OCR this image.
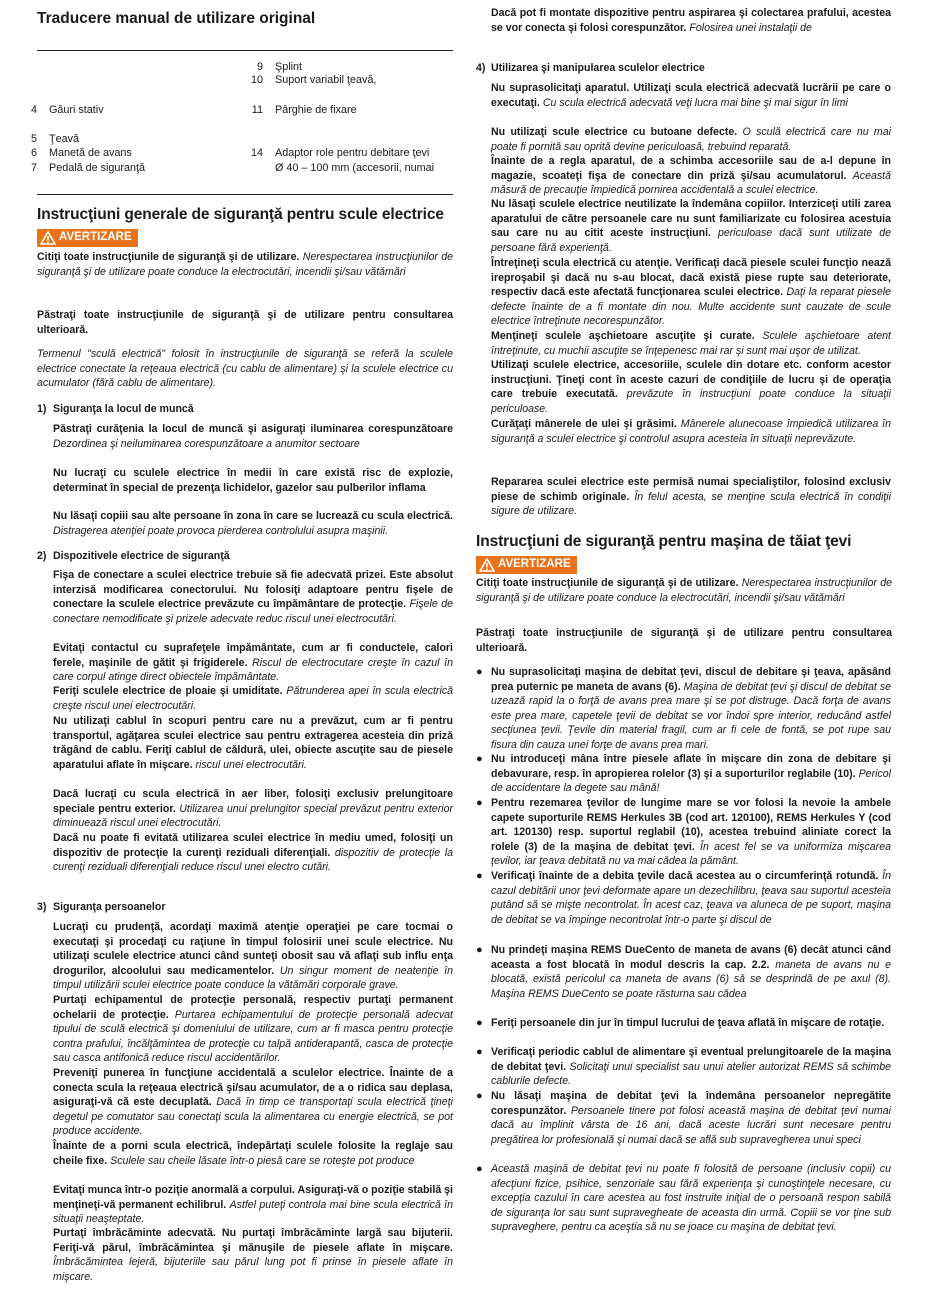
Traducere manual de utilizare original
9 Şplint
10 Suport variabil ţeavă,
4 Găuri stativ	11 Pârghie de fixare
5 Ţeavă
6 Manetă de avans	14 Adaptor role pentru debitare ţevi
7 Pedală de siguranţă	Ø 40 – 100 mm (accesorii, numai
Instrucţiuni generale de siguranţă pentru scule electrice
AVERTIZARE
Citiţi toate instrucţiunile de siguranţă şi de utilizare. Nerespectarea instrucţiunilor de siguranţă şi de utilizare poate conduce la electrocutări, incendii şi/sau vătămări
Păstraţi toate instrucţiunile de siguranţă şi de utilizare pentru consultarea ulterioară.
Termenul "sculă electrică" folosit în instrucţiunile de siguranţă se referă la sculele electrice conectate la reţeaua electrică (cu cablu de alimentare) şi la sculele electrice cu acumulator (fără cablu de alimentare).
1) Siguranţa la locul de muncă
Păstraţi curăţenia la locul de muncă şi asiguraţi iluminarea corespunzătoare Dezordinea şi neiluminarea corespunzătoare a anumitor sectoare
Nu lucraţi cu sculele electrice în medii în care există risc de explozie, determinat în special de prezenţa lichidelor, gazelor sau pulberilor inflama
Nu lăsaţi copiii sau alte persoane în zona în care se lucrează cu scula electrică. Distragerea atenţiei poate provoca pierderea controlului asupra maşinii.
2) Dispozitivele electrice de siguranţă
Fişa de conectare a sculei electrice trebuie să fie adecvată prizei. Este absolut interzisă modificarea conectorului. Nu folosiţi adaptoare pentru fişele de conectare la sculele electrice prevăzute cu împământare de protecţie. Fişele de conectare nemodificate şi prizele adecvate reduc riscul unei electrocutări.
Evitaţi contactul cu suprafeţele împământate, cum ar fi conductele, calori ferele, maşinile de gătit şi frigiderele. Riscul de electrocutare creşte în cazul în care corpul atinge direct obiectele împământate.
Feriţi sculele electrice de ploaie şi umiditate. Pătrunderea apei în scula electrică creşte riscul unei electrocutări.
Nu utilizaţi cablul în scopuri pentru care nu a prevăzut, cum ar fi pentru transportul, agăţarea sculei electrice sau pentru extragerea acesteia din priză trăgând de cablu. Feriţi cablul de căldură, ulei, obiecte ascuţite sau de piesele aparatului aflate în mişcare. riscul unei electrocutări.
Dacă lucraţi cu scula electrică în aer liber, folosiţi exclusiv prelungitoare speciale pentru exterior. Utilizarea unui prelungitor special prevăzut pentru exterior diminuează riscul unei electrocutări.
Dacă nu poate fi evitată utilizarea sculei electrice în mediu umed, folosiţi un dispozitiv de protecţie la curenţi reziduali diferenţiali. dispozitiv de protecţie la curenţi reziduali diferenţiali reduce riscul unei electro cutări.
3) Siguranţa persoanelor
Lucraţi cu prudenţă, acordaţi maximă atenţie operaţiei pe care tocmai o executaţi şi procedaţi cu raţiune în timpul folosirii unei scule electrice. Nu utilizaţi sculele electrice atunci când sunteţi obosit sau vă aflaţi sub influ enţa drogurilor, alcoolului sau medicamentelor. Un singur moment de neatenţie în timpul utilizării sculei electrice poate conduce la vătămări corporale grave.
Purtaţi echipamentul de protecţie personală, respectiv purtaţi permanent ochelarii de protecţie. Purtarea echipamentului de protecţie personală adecvat tipului de sculă electrică şi domeniului de utilizare, cum ar fi masca pentru protecţie contra prafului, încălţămintea de protecţie cu talpă antiderapantă, casca de protecţie sau casca antifonică reduce riscul accidentărilor.
Preveniţi punerea în funcţiune accidentală a sculelor electrice. Înainte de a conecta scula la reţeaua electrică şi/sau acumulator, de a o ridica sau deplasa, asiguraţi-vă că este decuplată. Dacă în timp ce transportaţi scula electrică ţineţi degetul pe comutator sau conectaţi scula la alimentarea cu energie electrică, se pot produce accidente.
Înainte de a porni scula electrică, îndepărtaţi sculele folosite la reglaje sau cheile fixe. Sculele sau cheile lăsate într-o piesă care se roteşte pot produce
Evitaţi munca într-o poziţie anormală a corpului. Asiguraţi-vă o poziţie stabilă şi menţineţi-vă permanent echilibrul. Astfel puteţi controla mai bine scula electrică în situaţii neaşteptate.
Purtaţi îmbrăcăminte adecvată. Nu purtaţi îmbrăcăminte largă sau bijuterii. Feriţi-vă părul, îmbrăcămintea şi mănuşile de piesele aflate în mişcare. Îmbrăcămintea lejeră, bijuteriile sau părul lung pot fi prinse în piesele aflate în mişcare.
Dacă pot fi montate dispozitive pentru aspirarea şi colectarea prafului, acestea se vor conecta şi folosi corespunzător. Folosirea unei instalaţii de
4) Utilizarea şi manipularea sculelor electrice
Nu suprasolicitaţi aparatul. Utilizaţi scula electrică adecvată lucrării pe care o executaţi. Cu scula electrică adecvată veţi lucra mai bine şi mai sigur în limi
Nu utilizaţi scule electrice cu butoane defecte. O sculă electrică care nu mai poate fi pornită sau oprită devine periculoasă, trebuind reparată.
Înainte de a regla aparatul, de a schimba accesoriile sau de a-l depune în magazie, scoateţi fişa de conectare din priză şi/sau acumulatorul. Această măsură de precauţie împiedică pornirea accidentală a sculei electrice.
Nu lăsaţi sculele electrice neutilizate la îndemâna copiilor. Interziceţi utili zarea aparatului de către persoanele care nu sunt familiarizate cu folosirea acestuia sau care nu au citit aceste instrucţiuni. periculoase dacă sunt utilizate de persoane fără experienţă.
Întreţineţi scula electrică cu atenţie. Verificaţi dacă piesele sculei funcţio nează ireproşabil şi dacă nu s-au blocat, dacă există piese rupte sau deteriorate, respectiv dacă este afectată funcţionarea sculei electrice. Daţi la reparat piesele defecte înainte de a fi montate din nou. Multe accidente sunt cauzate de scule electrice întreţinute necorespunzător.
Menţineţi sculele aşchietoare ascuţite şi curate. Sculele aşchietoare atent întreţinute, cu muchii ascuţite se înţepenesc mai rar şi sunt mai uşor de utilizat.
Utilizaţi sculele electrice, accesoriile, sculele din dotare etc. conform acestor instrucţiuni. Ţineţi cont în aceste cazuri de condiţiile de lucru şi de operaţia care trebuie executată. prevăzute în instrucţiuni poate conduce la situaţii periculoase.
Curăţaţi mânerele de ulei şi grăsimi. Mânerele alunecoase împiedică utilizarea în siguranţă a sculei electrice şi controlul asupra acesteia în situaţii neprevăzute.
Repararea sculei electrice este permisă numai specialiştilor, folosind exclusiv piese de schimb originale. În felul acesta, se menţine scula electrică în condiţii sigure de utilizare.
Instrucţiuni de siguranţă pentru maşina de tăiat ţevi
AVERTIZARE
Citiţi toate instrucţiunile de siguranţă şi de utilizare. Nerespectarea instrucţiunilor de siguranţă şi de utilizare poate conduce la electrocutări, incendii şi/sau vătămări
Păstraţi toate instrucţiunile de siguranţă şi de utilizare pentru consultarea ulterioară.
● Nu suprasolicitaţi maşina de debitat ţevi, discul de debitare şi ţeava, apăsând prea puternic pe maneta de avans (6). Maşina de debitat ţevi şi discul de debitat se uzează rapid la o forţă de avans prea mare şi se pot distruge. Dacă forţa de avans este prea mare, capetele ţevii de debitat se vor îndoi spre interior, reducând astfel secţiunea ţevii. Ţevile din material fragil, cum ar fi cele de fontă, se pot rupe sau fisura din cauza unei forţe de avans prea mari.
● Nu introduceţi mâna între piesele aflate în mişcare din zona de debitare şi debavurare, resp. în apropierea rolelor (3) şi a suporturilor reglabile (10). Pericol de accidentare la degete sau mână!
● Pentru rezemarea ţevilor de lungime mare se vor folosi la nevoie la ambele capete suporturile REMS Herkules 3B (cod art. 120100), REMS Herkules Y (cod art. 120130) resp. suportul reglabil (10), acestea trebuind aliniate corect la rolele (3) de la maşina de debitat ţevi. În acest fel se va uniformiza mişcarea ţevilor, iar ţeava debitată nu va mai cădea la pământ.
● Verificaţi înainte de a debita ţevile dacă acestea au o circumferinţă rotundă. În cazul debitării unor ţevi deformate apare un dezechilibru, ţeava sau suportul acesteia putând să se mişte necontrolat. În acest caz, ţeava va aluneca de pe suport, maşina de debitat se va împinge necontrolat într-o parte şi discul de
● Nu prindeţi maşina REMS DueCento de maneta de avans (6) decât atunci când aceasta a fost blocată în modul descris la cap. 2.2. maneta de avans nu e blocată, există pericolul ca maneta de avans (6) să se desprindă de pe axul (8). Maşina REMS DueCento se poate răsturna sau cădea
● Feriţi persoanele din jur în timpul lucrului de ţeava aflată în mişcare de rotaţie.
● Verificaţi periodic cablul de alimentare şi eventual prelungitoarele de la maşina de debitat ţevi. Solicitaţi unui specialist sau unui atelier autorizat REMS să schimbe cablurile defecte.
● Nu lăsaţi maşina de debitat ţevi la îndemâna persoanelor nepregătite corespunzător. Persoanele tinere pot folosi această maşina de debitat ţevi numai dacă au împlinit vârsta de 16 ani, dacă aceste lucrări sunt necesare pentru pregătirea lor profesională şi numai dacă se află sub supravegherea unui speci
● Această maşină de debitat ţevi nu poate fi folosită de persoane (inclusiv copii) cu afecţiuni fizice, psihice, senzoriale sau fără experienţa şi cunoştinţele necesare, cu excepţia cazului în care acestea au fost instruite iniţial de o persoană respon sabilă de siguranţa lor sau sunt supravegheate de aceasta din urmă. Copiii se vor ţine sub supraveghere, pentru ca aceştia să nu se joace cu maşina de debitat ţevi.
